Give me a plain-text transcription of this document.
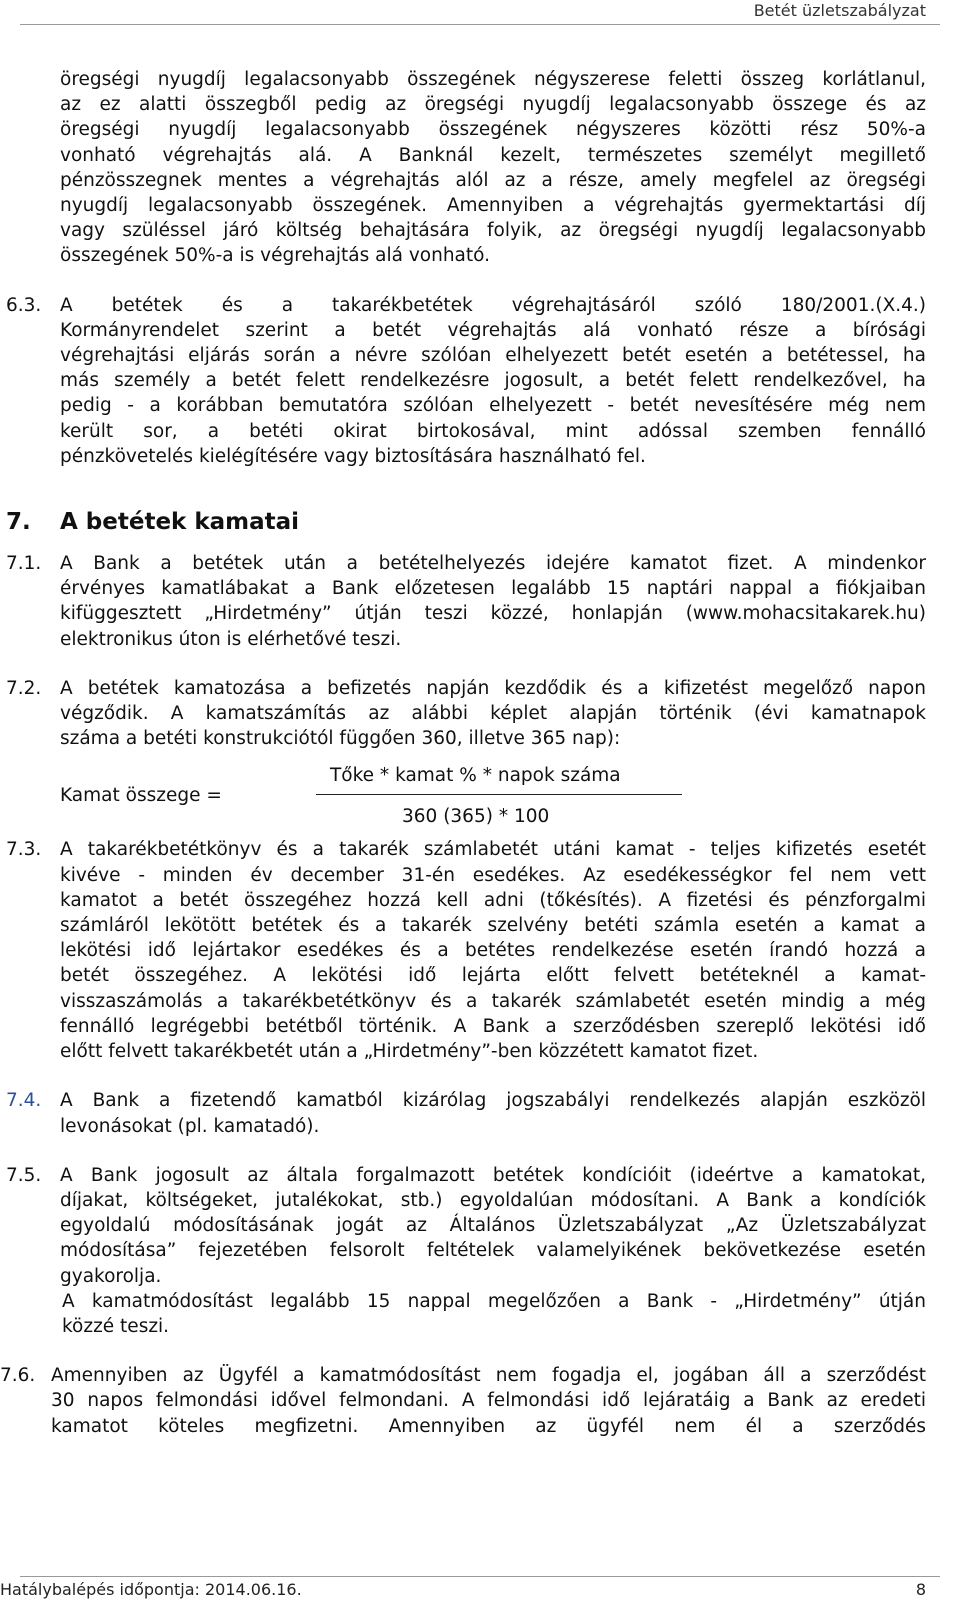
Betét üzletszabályzat

öregségi nyugdíj legalacsonyabb összegének négyszerese feletti összeg korlátlanul,

az ez alatti összegből pedig az öregségi nyugdíj legalacsonyabb összege és az

öregségi nyugdíj legalacsonyabb összegének négyszeres közötti rész 50%-a

vonható végrehajtás alá. A Banknál kezelt, természetes személyt megillető

pénzösszegnek mentes a végrehajtás alól az a része, amely megfelel az öregségi

nyugdíj legalacsonyabb összegének. Amennyiben a végrehajtás gyermektartási díj

vagy szüléssel járó költség behajtására folyik, az öregségi nyugdíj legalacsonyabb

összegének 50%-a is végrehajtás alá vonható.

6.3.	A betétek és a takarékbetétek végrehajtásáról szóló 180/2001.(X.4.)

Kormányrendelet szerint a betét végrehajtás alá vonható része a bírósági

végrehajtási eljárás során a névre szólóan elhelyezett betét esetén a betétessel, ha

más személy a betét felett rendelkezésre jogosult, a betét felett rendelkezővel, ha

pedig - a korábban bemutatóra szólóan elhelyezett - betét nevesítésére még nem

került sor, a betéti okirat birtokosával, mint adóssal szemben fennálló

pénzkövetelés kielégítésére vagy biztosítására használható fel.

7. A betétek kamatai
7.1.	A Bank a betétek után a betételhelyezés idejére kamatot fizet. A mindenkor

érvényes kamatlábakat a Bank előzetesen legalább 15 naptári nappal a fiókjaiban

kifüggesztett „Hirdetmény” útján teszi közzé, honlapján (www.mohacsitakarek.hu)

elektronikus úton is elérhetővé teszi.

7.2.	A betétek kamatozása a befizetés napján kezdődik és a kifizetést megelőző napon

végződik. A kamatszámítás az alábbi képlet alapján történik (évi kamatnapok

száma a betéti konstrukciótól függően 360, illetve 365 nap):

Kamat összege =
Tőke * kamat % * napok száma
360 (365) * 100
7.3.	A takarékbetétkönyv és a takarék számlabetét utáni kamat - teljes kifizetés esetét

kivéve - minden év december 31-én esedékes. Az esedékességkor fel nem vett

kamatot a betét összegéhez hozzá kell adni (tőkésítés). A fizetési és pénzforgalmi

számláról lekötött betétek és a takarék szelvény betéti számla esetén a kamat a

lekötési idő lejártakor esedékes és a betétes rendelkezése esetén írandó hozzá a

betét összegéhez. A lekötési idő lejárta előtt felvett betéteknél a kamat-

visszaszámolás a takarékbetétkönyv és a takarék számlabetét esetén mindig a még

fennálló legrégebbi betétből történik. A Bank a szerződésben szereplő lekötési idő

előtt felvett takarékbetét után a „Hirdetmény”-ben közzétett kamatot fizet.

7.4.	A Bank a fizetendő kamatból kizárólag jogszabályi rendelkezés alapján eszközöl

levonásokat (pl. kamatadó).

7.5.	A Bank jogosult az általa forgalmazott betétek kondícióit (ideértve a kamatokat,

díjakat, költségeket, jutalékokat, stb.) egyoldalúan módosítani. A Bank a kondíciók

egyoldalú módosításának jogát az Általános Üzletszabályzat „Az Üzletszabályzat

módosítása” fejezetében felsorolt feltételek valamelyikének bekövetkezése esetén

gyakorolja.

A kamatmódosítást legalább 15 nappal megelőzően a Bank - „Hirdetmény” útján

közzé teszi.

7.6. Amennyiben az Ügyfél a kamatmódosítást nem fogadja el, jogában áll a szerződést

30 napos felmondási idővel felmondani. A felmondási idő lejáratáig a Bank az eredeti

kamatot köteles megfizetni. Amennyiben az ügyfél nem él a szerződés

Hatálybalépés időpontja: 2014.06.16.	8
